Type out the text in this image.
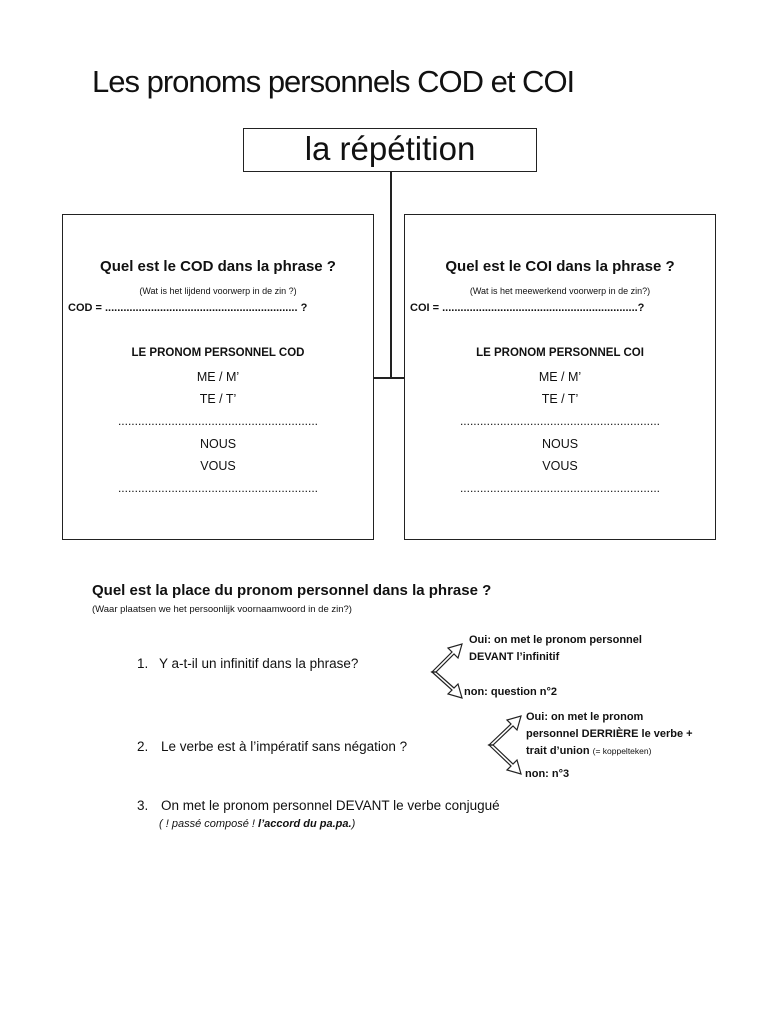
Les pronoms personnels COD et COI
la répétition
Quel est le COD dans la phrase ?
(Wat is het lijdend voorwerp in de zin ?)
COD = ............................................................... ?
LE PRONOM PERSONNEL COD
ME / M’
TE / T’
............................................................
NOUS
VOUS
............................................................
Quel est le COI dans la phrase ?
(Wat is het meewerkend voorwerp in de zin?)
COI = ................................................................?
LE PRONOM PERSONNEL COI
ME / M’
TE / T’
............................................................
NOUS
VOUS
............................................................
Quel est la place du pronom personnel dans la phrase ?
(Waar plaatsen we het persoonlijk voornaamwoord in de zin?)
1. Y a-t-il un infinitif dans la phrase?
Oui: on met le pronom personnel
DEVANT l’infinitif
non: question n°2
2. Le verbe est à l’impératif sans négation ?
Oui: on met le pronom
personnel DERRIÈRE le verbe +
trait d’union (= koppelteken)
non: n°3
3. On met le pronom personnel DEVANT le verbe conjugué
( ! passé composé ! l’accord du pa.pa.)
